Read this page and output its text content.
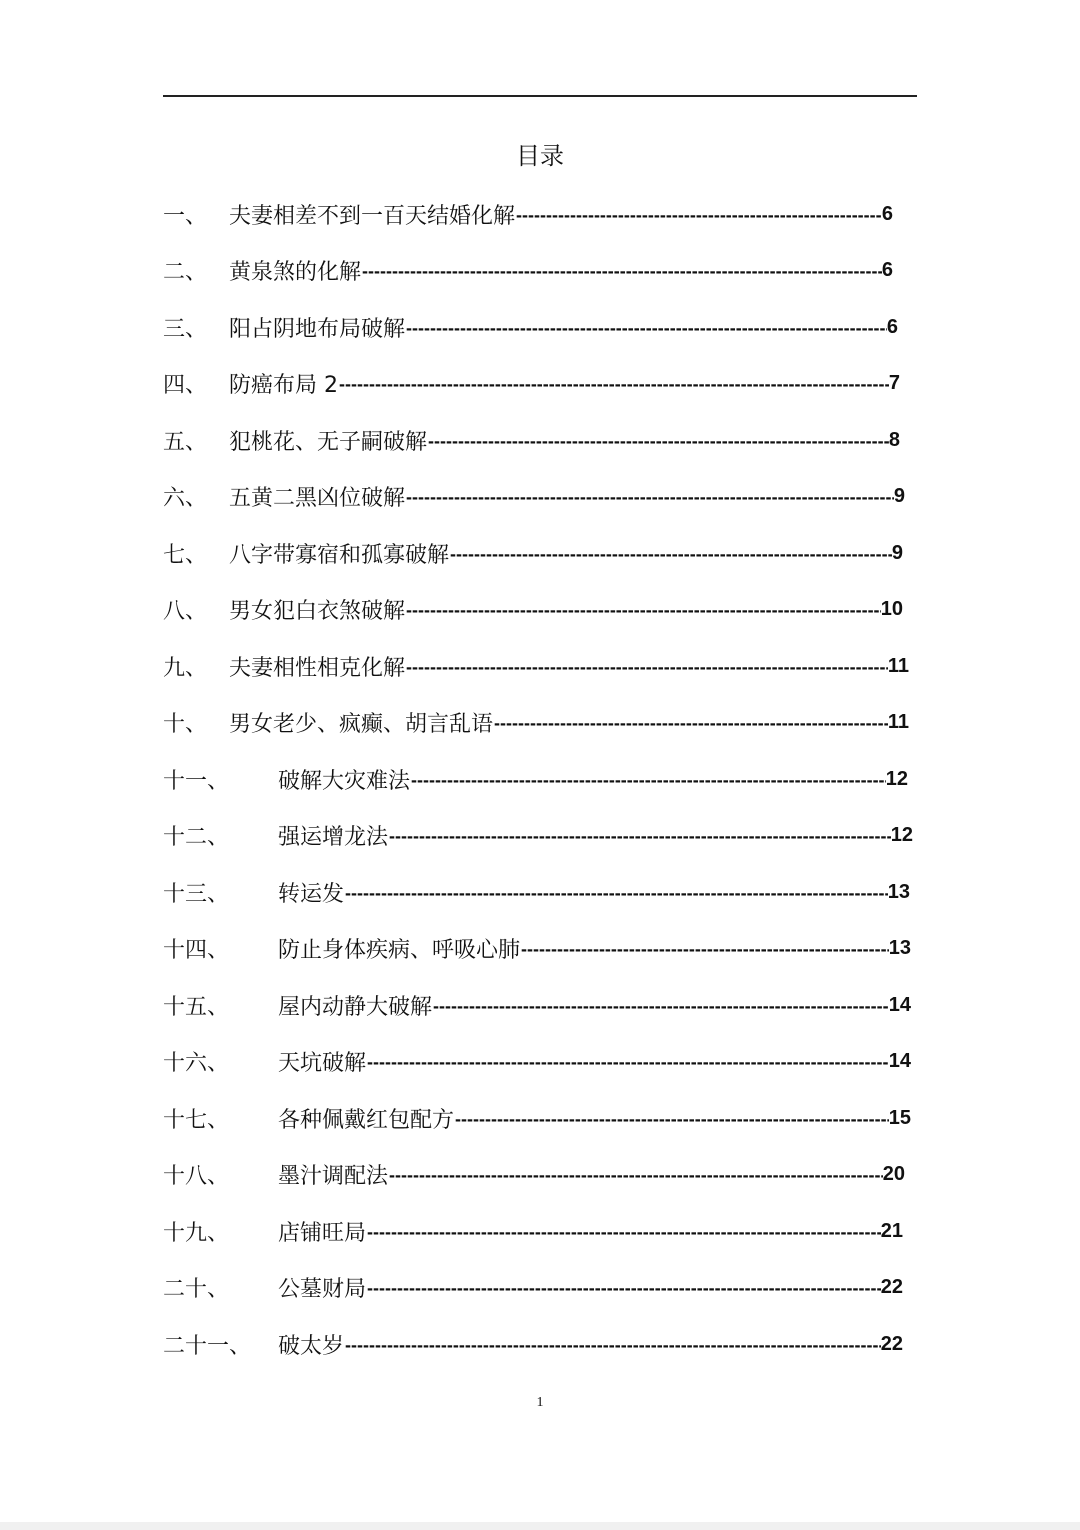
目录
一、 夫妻相差不到一百天结婚化解 -----	6
二、 黄泉煞的化解 -----	6
三、 阳占阴地布局破解 -----	6
四、 防癌布局 2 -----	7
五、 犯桃花、无子嗣破解 -----	8
六、 五黄二黑凶位破解 -----	9
七、 八字带寡宿和孤寡破解 -----	9
八、 男女犯白衣煞破解 -----	10
九、 夫妻相性相克化解 -----	11
十、 男女老少、疯癫、胡言乱语 -----	11
十一、	破解大灾难法 -----	12
十二、	强运增龙法 -----	12
十三、	转运发 -----	13
十四、	防止身体疾病、呼吸心肺 -----	13
十五、	屋内动静大破解 -----	14
十六、	天坑破解 -----	14
十七、	各种佩戴红包配方 -----	15
十八、	墨汁调配法 -----	20
十九、	店铺旺局 -----	21
二十、	公墓财局 -----	22
二十一、	破太岁 -----	22
1
